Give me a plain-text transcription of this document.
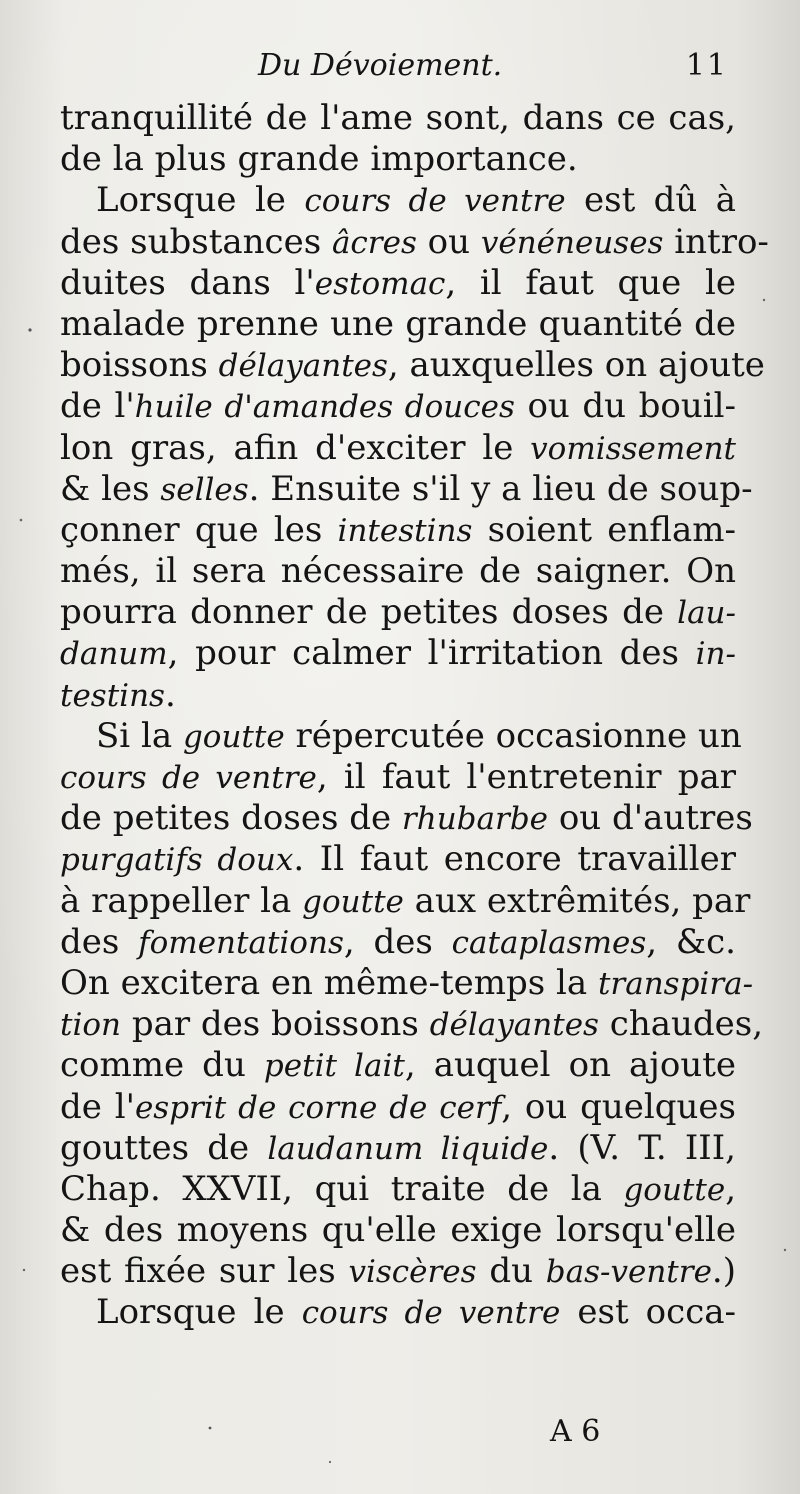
Du Dévoiement.	11
tranquillité de l'ame sont, dans ce cas,
de la plus grande importance.
Lorsque le cours de ventre est dû à
des substances âcres ou vénéneuses intro-
duites dans l'estomac, il faut que le
malade prenne une grande quantité de
boissons délayantes, auxquelles on ajoute
de l'huile d'amandes douces ou du bouil-
lon gras, afin d'exciter le vomissement
& les selles. Ensuite s'il y a lieu de soup-
çonner que les intestins soient enflam-
més, il sera nécessaire de saigner. On
pourra donner de petites doses de lau-
danum, pour calmer l'irritation des in-
testins.
Si la goutte répercutée occasionne un
cours de ventre, il faut l'entretenir par
de petites doses de rhubarbe ou d'autres
purgatifs doux. Il faut encore travailler
à rappeller la goutte aux extrêmités, par
des fomentations, des cataplasmes, &c.
On excitera en même-temps la transpira-
tion par des boissons délayantes chaudes,
comme du petit lait, auquel on ajoute
de l'esprit de corne de cerf, ou quelques
gouttes de laudanum liquide. (V. T. III,
Chap. XXVII, qui traite de la goutte,
& des moyens qu'elle exige lorsqu'elle
est fixée sur les viscères du bas-ventre.)
Lorsque le cours de ventre est occa-
A 6
